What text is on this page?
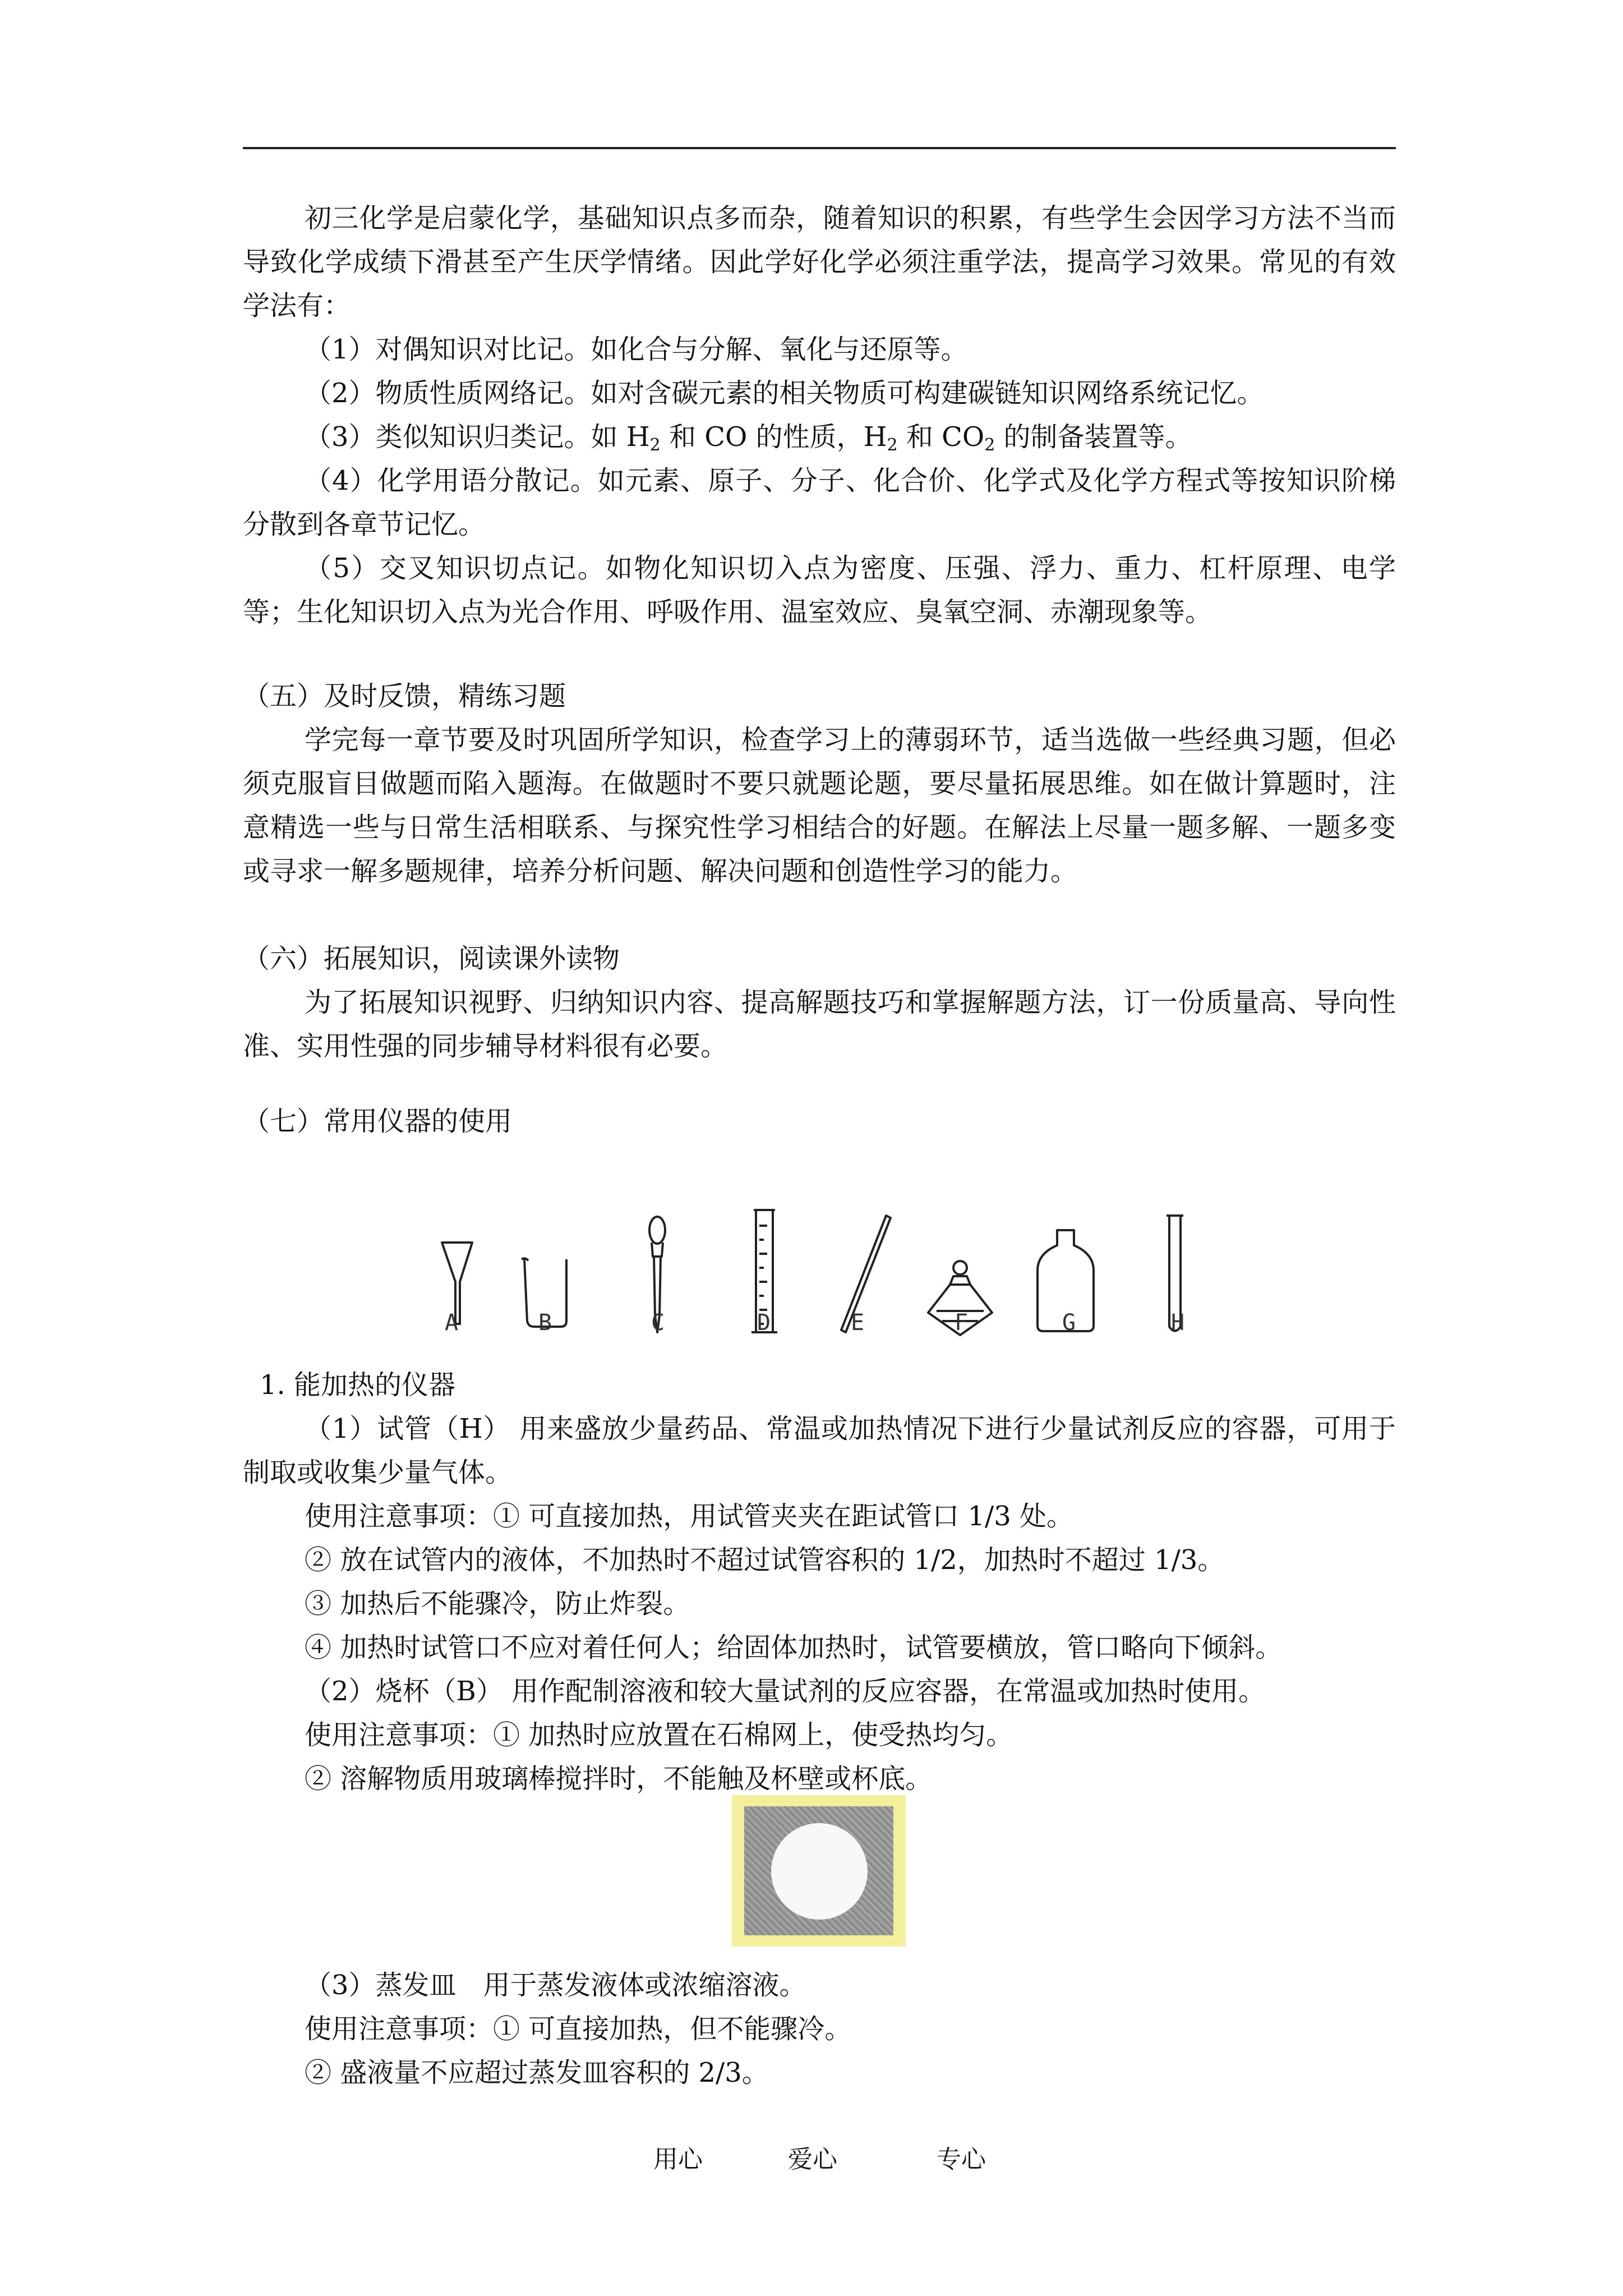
初三化学是启蒙化学，基础知识点多而杂，随着知识的积累，有些学生会因学习方法不当而导致化学成绩下滑甚至产生厌学情绪。因此学好化学必须注重学法，提高学习效果。常见的有效学法有：
（1）对偶知识对比记。如化合与分解、氧化与还原等。
（2）物质性质网络记。如对含碳元素的相关物质可构建碳链知识网络系统记忆。
（3）类似知识归类记。如 $H_2$ 和 CO 的性质，$H_2$ 和 $CO_2$ 的制备装置等。
（4）化学用语分散记。如元素、原子、分子、化合价、化学式及化学方程式等按知识阶梯分散到各章节记忆。
（5）交叉知识切点记。如物化知识切入点为密度、压强、浮力、重力、杠杆原理、电学等；生化知识切入点为光合作用、呼吸作用、温室效应、臭氧空洞、赤潮现象等。
（五）及时反馈，精练习题
学完每一章节要及时巩固所学知识，检查学习上的薄弱环节，适当选做一些经典习题，但必须克服盲目做题而陷入题海。在做题时不要只就题论题，要尽量拓展思维。如在做计算题时，注意精选一些与日常生活相联系、与探究性学习相结合的好题。在解法上尽量一题多解、一题多变或寻求一解多题规律，培养分析问题、解决问题和创造性学习的能力。
（六）拓展知识，阅读课外读物
为了拓展知识视野、归纳知识内容、提高解题技巧和掌握解题方法，订一份质量高、导向性准、实用性强的同步辅导材料很有必要。
（七）常用仪器的使用
A	B	C	D	E	F	G	H
1. 能加热的仪器
（1）试管（H） 用来盛放少量药品、常温或加热情况下进行少量试剂反应的容器，可用于制取或收集少量气体。
使用注意事项：① 可直接加热，用试管夹夹在距试管口 1/3 处。
② 放在试管内的液体，不加热时不超过试管容积的 1/2，加热时不超过 1/3。
③ 加热后不能骤冷，防止炸裂。
④ 加热时试管口不应对着任何人；给固体加热时，试管要横放，管口略向下倾斜。
（2）烧杯（B） 用作配制溶液和较大量试剂的反应容器，在常温或加热时使用。
使用注意事项：① 加热时应放置在石棉网上，使受热均匀。
② 溶解物质用玻璃棒搅拌时，不能触及杯壁或杯底。
（3）蒸发皿　用于蒸发液体或浓缩溶液。
使用注意事项：① 可直接加热，但不能骤冷。
② 盛液量不应超过蒸发皿容积的 2/3。
用心	爱心	专心
